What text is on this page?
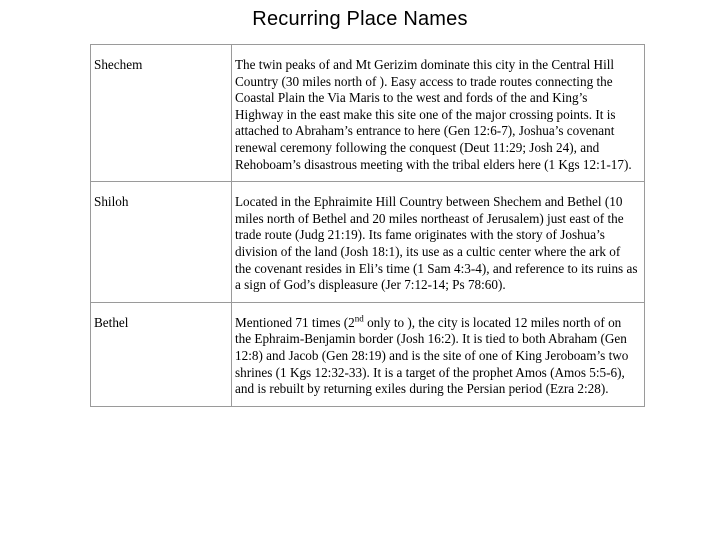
Recurring Place Names
Shechem	The twin peaks of and Mt Gerizim dominate this city in the Central Hill Country (30 miles north of ). Easy access to trade routes connecting the Coastal Plain the Via Maris to the west and fords of the and King’s Highway in the east make this site one of the major crossing points. It is attached to Abraham’s entrance to here (Gen 12:6-7), Joshua’s covenant renewal ceremony following the conquest (Deut 11:29; Josh 24), and Rehoboam’s disastrous meeting with the tribal elders here (1 Kgs 12:1-17).
Shiloh	Located in the Ephraimite Hill Country between Shechem and Bethel (10 miles north of Bethel and 20 miles northeast of Jerusalem) just east of the trade route (Judg 21:19). Its fame originates with the story of Joshua’s division of the land (Josh 18:1), its use as a cultic center where the ark of the covenant resides in Eli’s time (1 Sam 4:3-4), and reference to its ruins as a sign of God’s displeasure (Jer 7:12-14; Ps 78:60).
Bethel	Mentioned 71 times (2nd only to ), the city is located 12 miles north of on the Ephraim-Benjamin border (Josh 16:2). It is tied to both Abraham (Gen 12:8) and Jacob (Gen 28:19) and is the site of one of King Jeroboam’s two shrines (1 Kgs 12:32-33). It is a target of the prophet Amos (Amos 5:5-6), and is rebuilt by returning exiles during the Persian period (Ezra 2:28).
